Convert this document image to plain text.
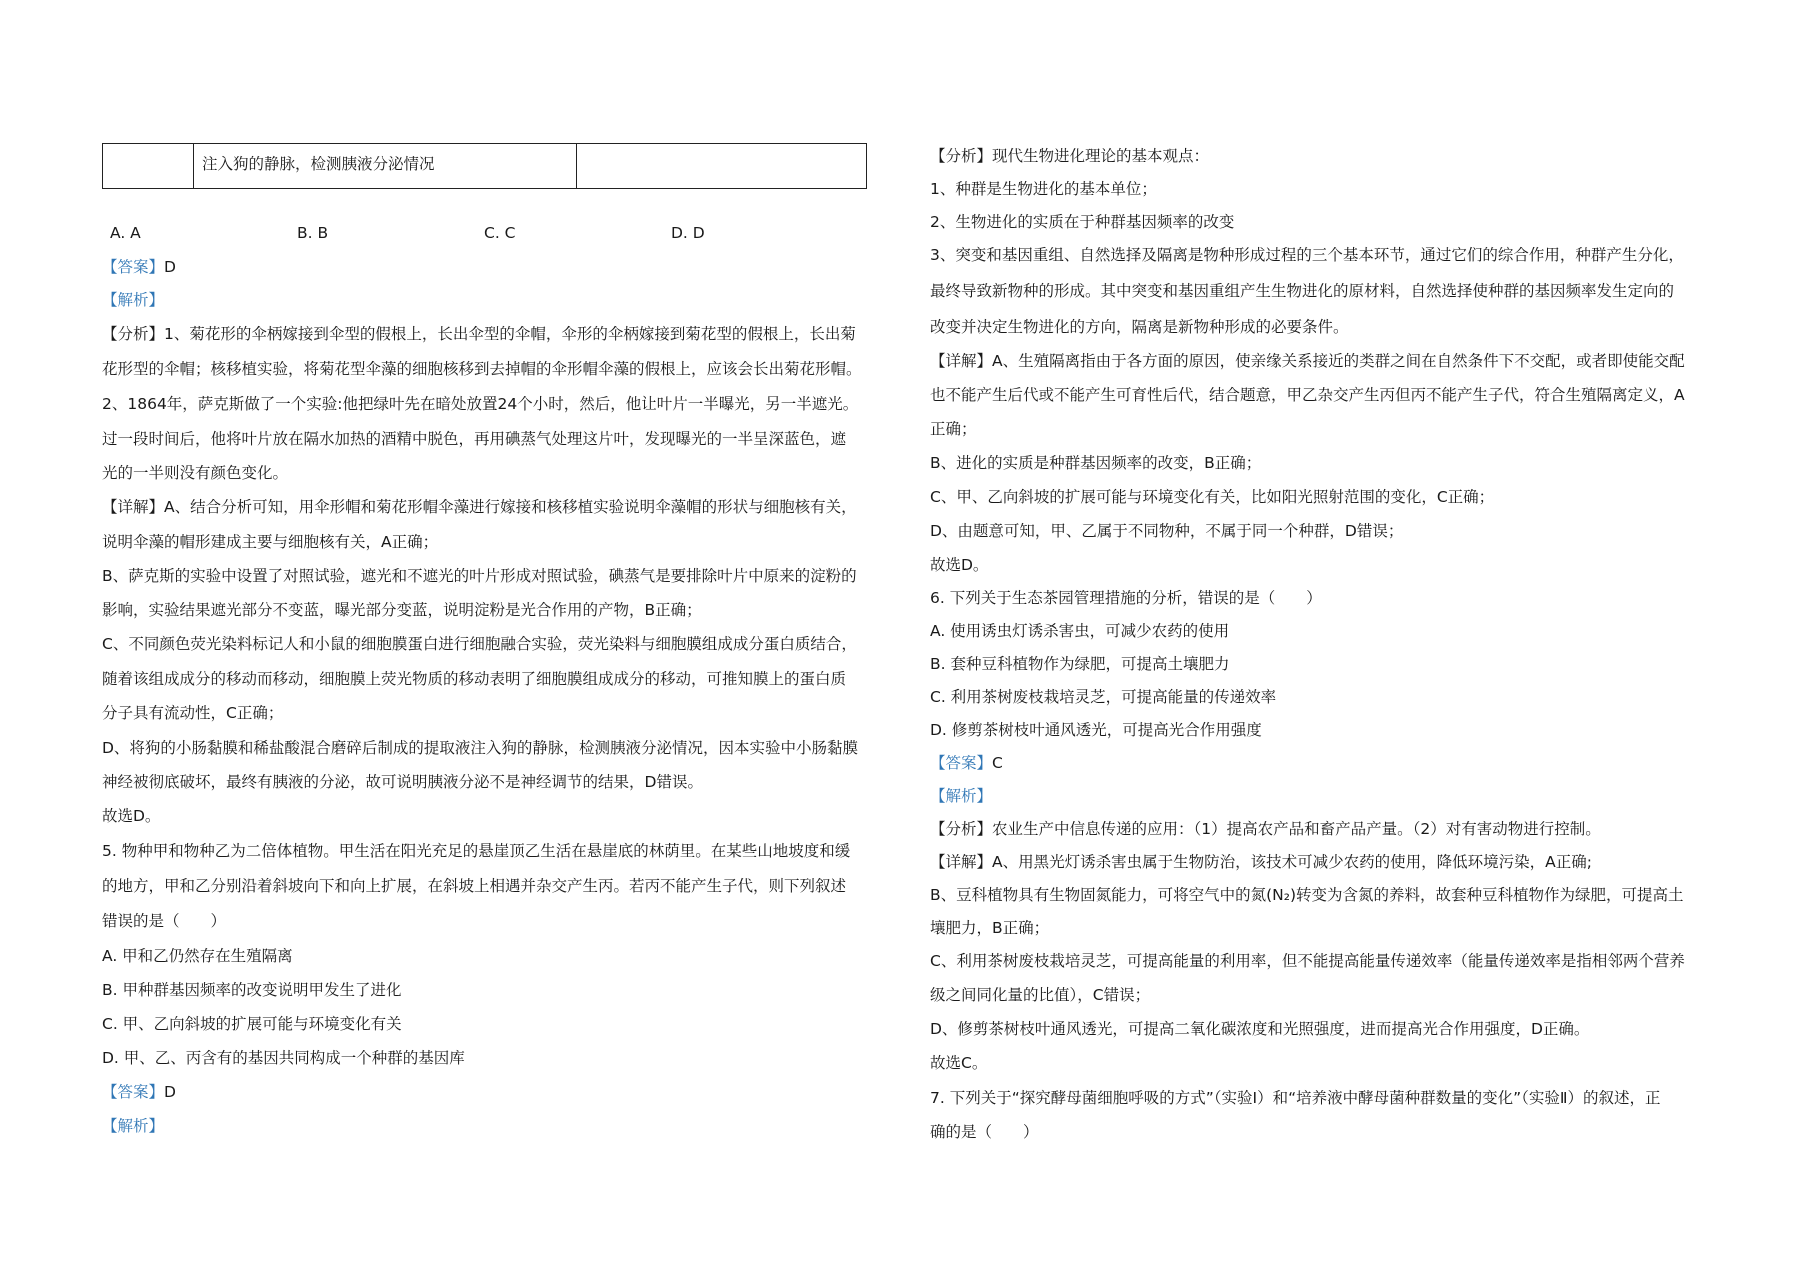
	注入狗的静脉，检测胰液分泌情况	
A. A	B. B	C. C	D. D
【答案】D
【解析】
【分析】1、菊花形的伞柄嫁接到伞型的假根上，长出伞型的伞帽，伞形的伞柄嫁接到菊花型的假根上，长出菊
花形型的伞帽；核移植实验，将菊花型伞藻的细胞核移到去掉帽的伞形帽伞藻的假根上，应该会长出菊花形帽。
2、1864年，萨克斯做了一个实验:他把绿叶先在暗处放置24个小时，然后，他让叶片一半曝光，另一半遮光。
过一段时间后，他将叶片放在隔水加热的酒精中脱色，再用碘蒸气处理这片叶，发现曝光的一半呈深蓝色，遮
光的一半则没有颜色变化。
【详解】A、结合分析可知，用伞形帽和菊花形帽伞藻进行嫁接和核移植实验说明伞藻帽的形状与细胞核有关，
说明伞藻的帽形建成主要与细胞核有关，A正确；
B、萨克斯的实验中设置了对照试验，遮光和不遮光的叶片形成对照试验，碘蒸气是要排除叶片中原来的淀粉的
影响，实验结果遮光部分不变蓝，曝光部分变蓝，说明淀粉是光合作用的产物，B正确；
C、不同颜色荧光染料标记人和小鼠的细胞膜蛋白进行细胞融合实验，荧光染料与细胞膜组成成分蛋白质结合，
随着该组成成分的移动而移动，细胞膜上荧光物质的移动表明了细胞膜组成成分的移动，可推知膜上的蛋白质
分子具有流动性，C正确；
D、将狗的小肠黏膜和稀盐酸混合磨碎后制成的提取液注入狗的静脉，检测胰液分泌情况，因本实验中小肠黏膜
神经被彻底破坏，最终有胰液的分泌，故可说明胰液分泌不是神经调节的结果，D错误。
故选D。
5. 物种甲和物种乙为二倍体植物。甲生活在阳光充足的悬崖顶乙生活在悬崖底的林荫里。在某些山地坡度和缓
的地方，甲和乙分别沿着斜坡向下和向上扩展，在斜坡上相遇并杂交产生丙。若丙不能产生子代，则下列叙述
错误的是（　　）
A. 甲和乙仍然存在生殖隔离
B. 甲种群基因频率的改变说明甲发生了进化
C. 甲、乙向斜坡的扩展可能与环境变化有关
D. 甲、乙、丙含有的基因共同构成一个种群的基因库
【答案】D
【解析】
【分析】现代生物进化理论的基本观点：
1、种群是生物进化的基本单位；
2、生物进化的实质在于种群基因频率的改变
3、突变和基因重组、自然选择及隔离是物种形成过程的三个基本环节，通过它们的综合作用，种群产生分化，
最终导致新物种的形成。其中突变和基因重组产生生物进化的原材料，自然选择使种群的基因频率发生定向的
改变并决定生物进化的方向，隔离是新物种形成的必要条件。
【详解】A、生殖隔离指由于各方面的原因，使亲缘关系接近的类群之间在自然条件下不交配，或者即使能交配
也不能产生后代或不能产生可育性后代，结合题意，甲乙杂交产生丙但丙不能产生子代，符合生殖隔离定义，A
正确；
B、进化的实质是种群基因频率的改变，B正确；
C、甲、乙向斜坡的扩展可能与环境变化有关，比如阳光照射范围的变化，C正确；
D、由题意可知，甲、乙属于不同物种，不属于同一个种群，D错误；
故选D。
6. 下列关于生态茶园管理措施的分析，错误的是（　　）
A. 使用诱虫灯诱杀害虫，可减少农药的使用
B. 套种豆科植物作为绿肥，可提高土壤肥力
C. 利用茶树废枝栽培灵芝，可提高能量的传递效率
D. 修剪茶树枝叶通风透光，可提高光合作用强度
【答案】C
【解析】
【分析】农业生产中信息传递的应用：（1）提高农产品和畜产品产量。（2）对有害动物进行控制。
【详解】A、用黑光灯诱杀害虫属于生物防治，该技术可减少农药的使用，降低环境污染，A正确;
B、豆科植物具有生物固氮能力，可将空气中的氮(N₂)转变为含氮的养料，故套种豆科植物作为绿肥，可提高土
壤肥力，B正确；
C、利用茶树废枝栽培灵芝，可提高能量的利用率，但不能提高能量传递效率（能量传递效率是指相邻两个营养
级之间同化量的比值），C错误；
D、修剪茶树枝叶通风透光，可提高二氧化碳浓度和光照强度，进而提高光合作用强度，D正确。
故选C。
7. 下列关于“探究酵母菌细胞呼吸的方式”（实验Ⅰ）和“培养液中酵母菌种群数量的变化”（实验Ⅱ）的叙述，正
确的是（　　）
